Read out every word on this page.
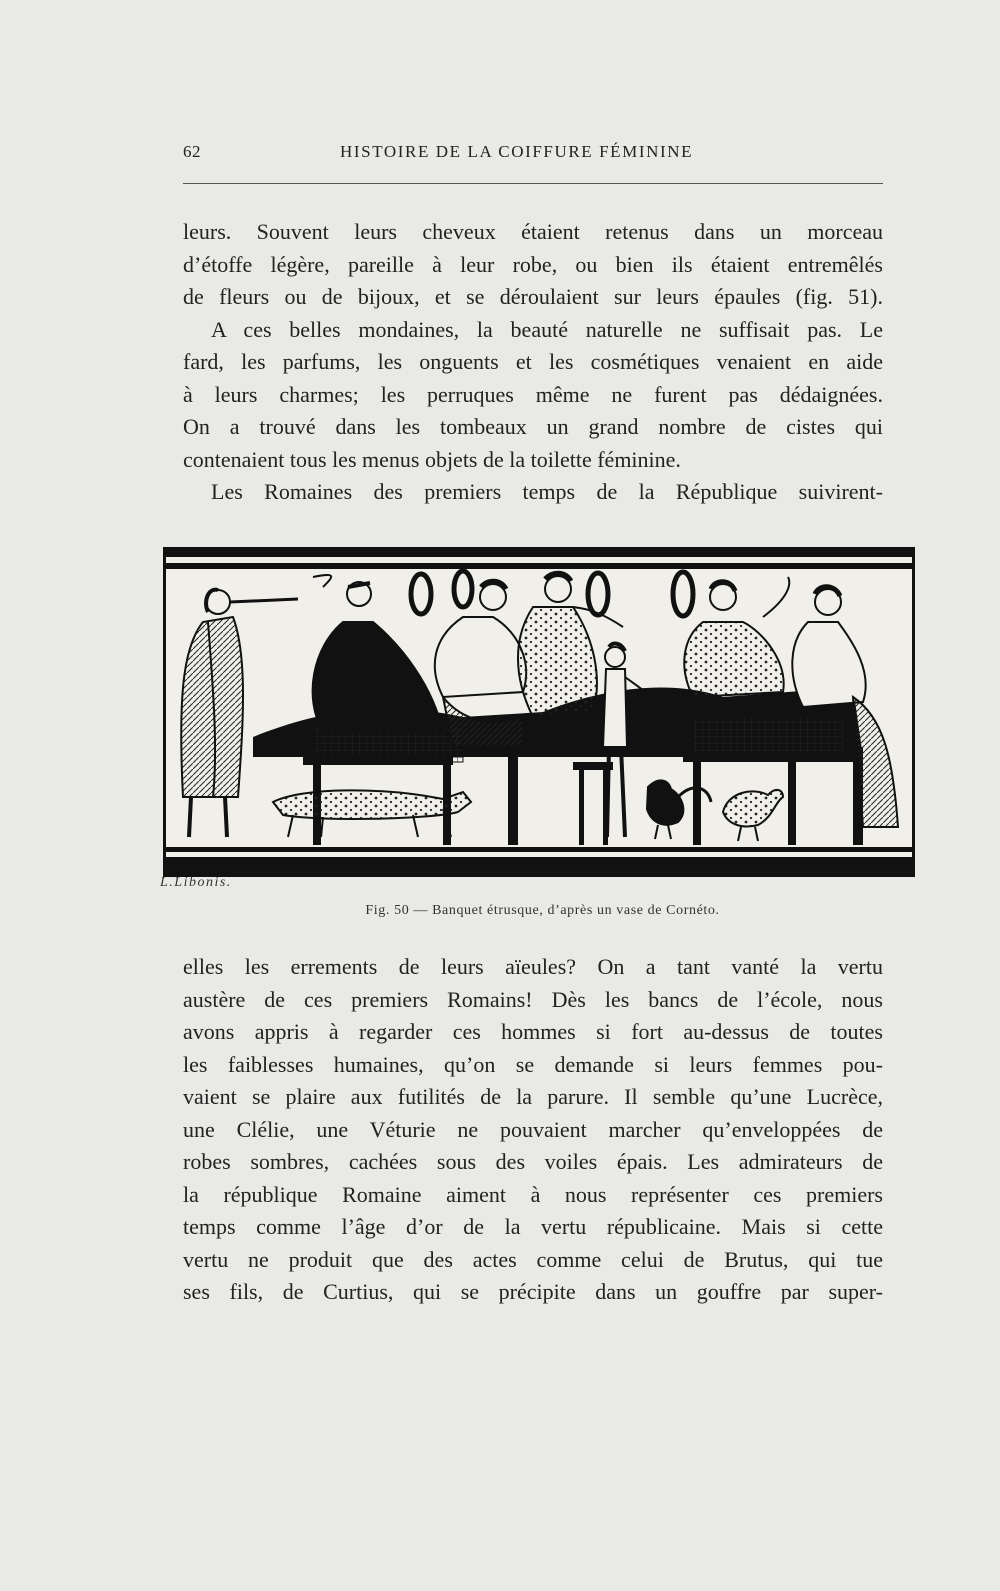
62	HISTOIRE DE LA COIFFURE FÉMININE
leurs. Souvent leurs cheveux étaient retenus dans un morceau
d’étoffe légère, pareille à leur robe, ou bien ils étaient entremêlés
de fleurs ou de bijoux, et se déroulaient sur leurs épaules (fig. 51).
A ces belles mondaines, la beauté naturelle ne suffisait pas. Le
fard, les parfums, les onguents et les cosmétiques venaient en aide
à leurs charmes; les perruques même ne furent pas dédaignées.
On a trouvé dans les tombeaux un grand nombre de cistes qui
contenaient tous les menus objets de la toilette féminine.
Les Romaines des premiers temps de la République suivirent-
L.Libonis.
Fig. 50 — Banquet étrusque, d’après un vase de Cornéto.
elles les errements de leurs aïeules? On a tant vanté la vertu
austère de ces premiers Romains! Dès les bancs de l’école, nous
avons appris à regarder ces hommes si fort au-dessus de toutes
les faiblesses humaines, qu’on se demande si leurs femmes pou-
vaient se plaire aux futilités de la parure. Il semble qu’une Lucrèce,
une Clélie, une Véturie ne pouvaient marcher qu’enveloppées de
robes sombres, cachées sous des voiles épais. Les admirateurs de
la république Romaine aiment à nous représenter ces premiers
temps comme l’âge d’or de la vertu républicaine. Mais si cette
vertu ne produit que des actes comme celui de Brutus, qui tue
ses fils, de Curtius, qui se précipite dans un gouffre par super-
